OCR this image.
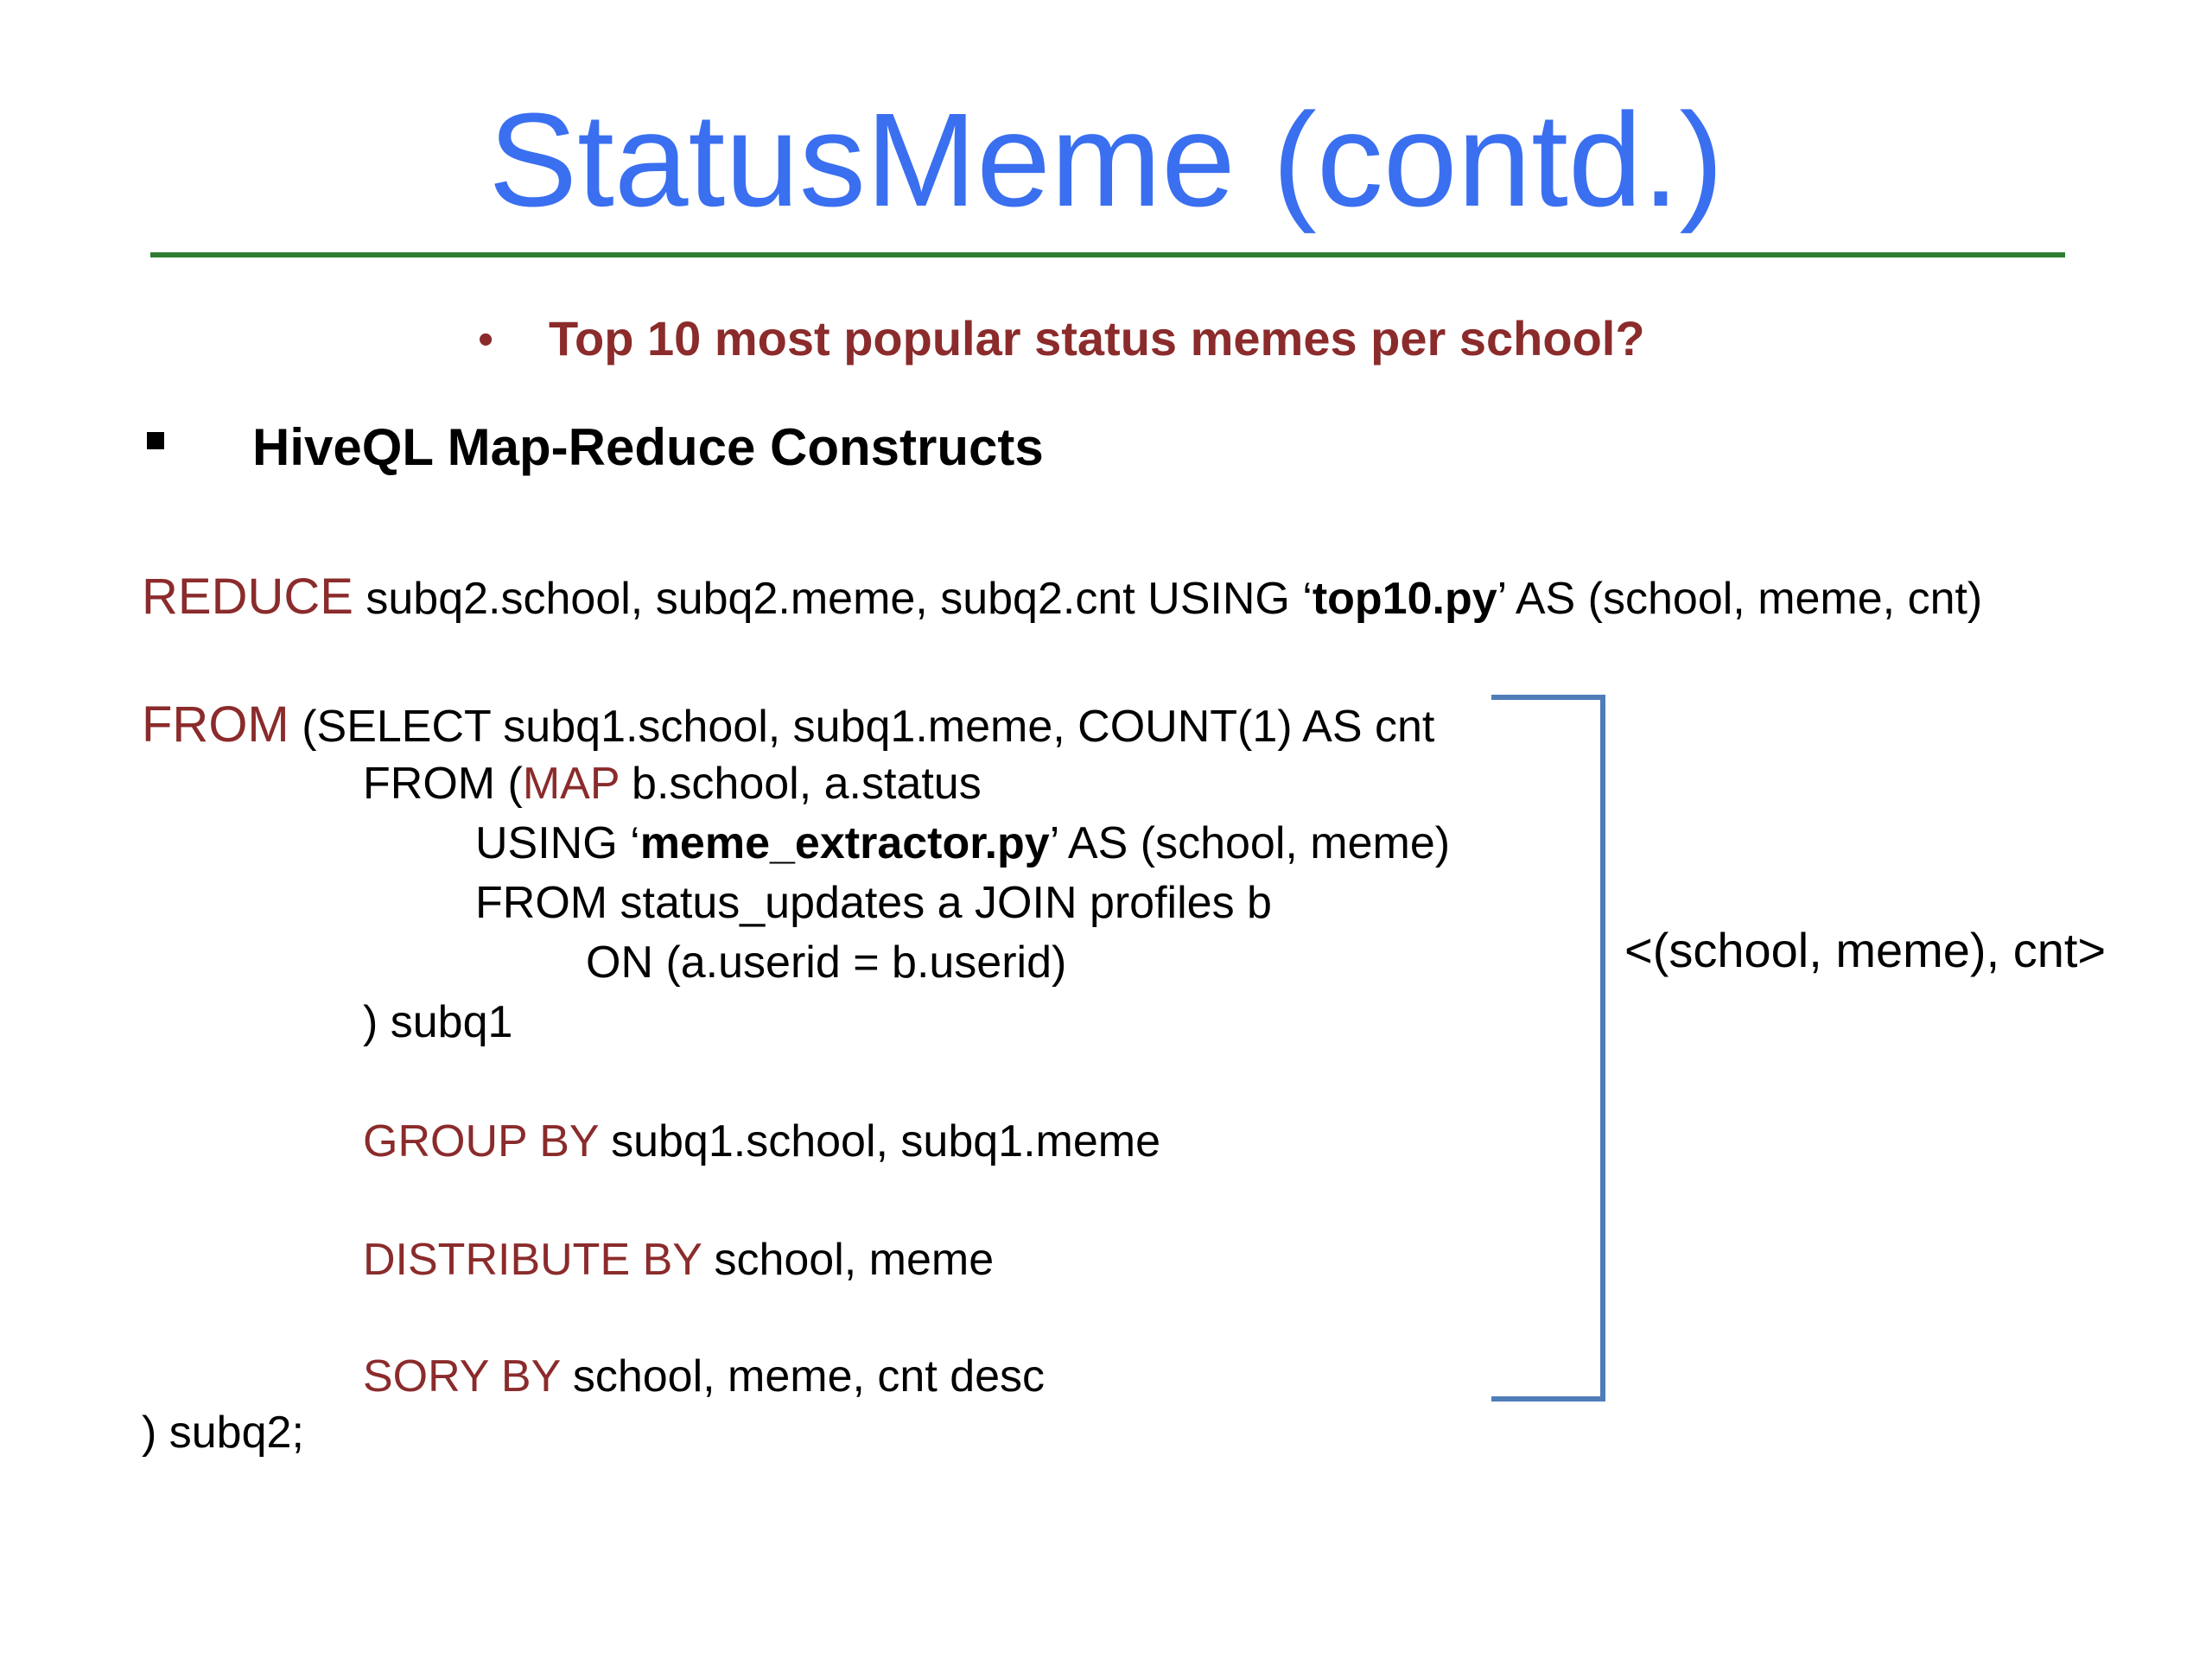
StatusMeme (contd.)
• Top 10 most popular status memes per school?
HiveQL Map-Reduce Constructs
REDUCE subq2.school, subq2.meme, subq2.cnt USING ‘top10.py’ AS (school, meme, cnt)
FROM (SELECT subq1.school, subq1.meme, COUNT(1) AS cnt
FROM (MAP b.school, a.status
USING ‘meme_extractor.py’ AS (school, meme)
FROM status_updates a JOIN profiles b
ON (a.userid = b.userid)
) subq1
GROUP BY subq1.school, subq1.meme
DISTRIBUTE BY school, meme
SORY BY school, meme, cnt desc
) subq2;
<(school, meme), cnt>
